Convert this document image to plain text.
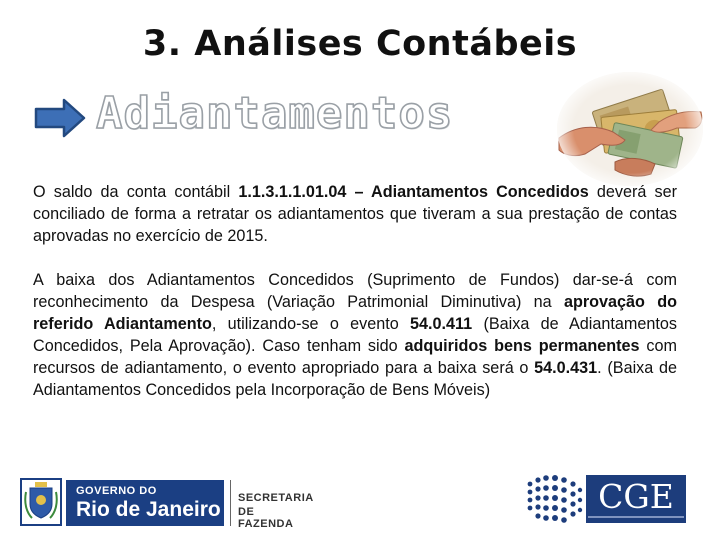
3. Análises Contábeis
Adiantamentos

O saldo da conta contábil 1.1.3.1.1.01.04 – Adiantamentos Concedidos deverá ser conciliado de forma a retratar os adiantamentos que tiveram a sua prestação de contas aprovadas no exercício de 2015.

A baixa dos Adiantamentos Concedidos (Suprimento de Fundos) dar-se-á com reconhecimento da Despesa (Variação Patrimonial Diminutiva) na aprovação do referido Adiantamento, utilizando-se o evento 54.0.411 (Baixa de Adiantamentos Concedidos, Pela Aprovação). Caso tenham sido adquiridos bens permanentes com recursos de adiantamento, o evento apropriado para a baixa será o 54.0.431. (Baixa de Adiantamentos Concedidos pela Incorporação de Bens Móveis)

GOVERNO DO
Rio de Janeiro SECRETARIA
DE FAZENDA
CGE
